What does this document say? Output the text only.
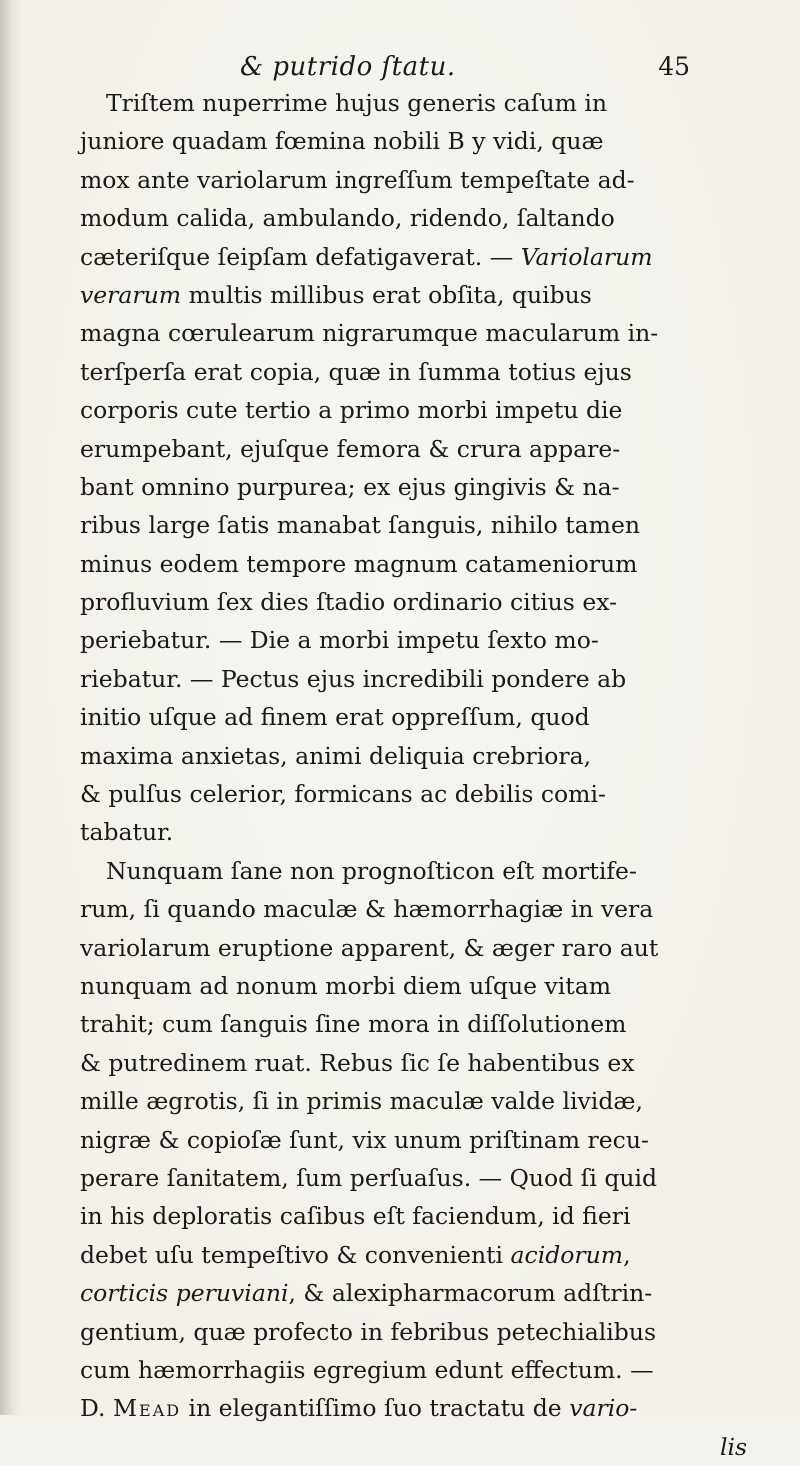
& putrido ſtatu.	45
Triſtem nuperrime hujus generis caſum in
juniore quadam fœmina nobili B y vidi, quæ
mox ante variolarum ingreſſum tempeſtate ad-
modum calida, ambulando, ridendo, ſaltando
cæteriſque ſeipſam defatigaverat. — Variolarum
verarum multis millibus erat obſita, quibus
magna cœrulearum nigrarumque macularum in-
terſperſa erat copia, quæ in ſumma totius ejus
corporis cute tertio a primo morbi impetu die
erumpebant, ejuſque femora & crura appare-
bant omnino purpurea; ex ejus gingivis & na-
ribus large ſatis manabat ſanguis, nihilo tamen
minus eodem tempore magnum catameniorum
profluvium ſex dies ſtadio ordinario citius ex-
periebatur. — Die a morbi impetu ſexto mo-
riebatur. — Pectus ejus incredibili pondere ab
initio uſque ad finem erat oppreſſum, quod
maxima anxietas, animi deliquia crebriora,
& pulſus celerior, formicans ac debilis comi-
tabatur.
Nunquam ſane non prognoſticon eſt mortife-
rum, ſi quando maculæ & hæmorrhagiæ in vera
variolarum eruptione apparent, & æger raro aut
nunquam ad nonum morbi diem uſque vitam
trahit; cum ſanguis ſine mora in diſſolutionem
& putredinem ruat. Rebus ſic ſe habentibus ex
mille ægrotis, ſi in primis maculæ valde lividæ,
nigræ & copioſæ ſunt, vix unum priſtinam recu-
perare ſanitatem, ſum perſuaſus. — Quod ſi quid
in his deploratis caſibus eſt faciendum, id fieri
debet uſu tempeſtivo & convenienti acidorum,
corticis peruviani, & alexipharmacorum adſtrin-
gentium, quæ profecto in febribus petechialibus
cum hæmorrhagiis egregium edunt effectum. —
D. Mead in elegantiſſimo ſuo tractatu de vario-
lis
